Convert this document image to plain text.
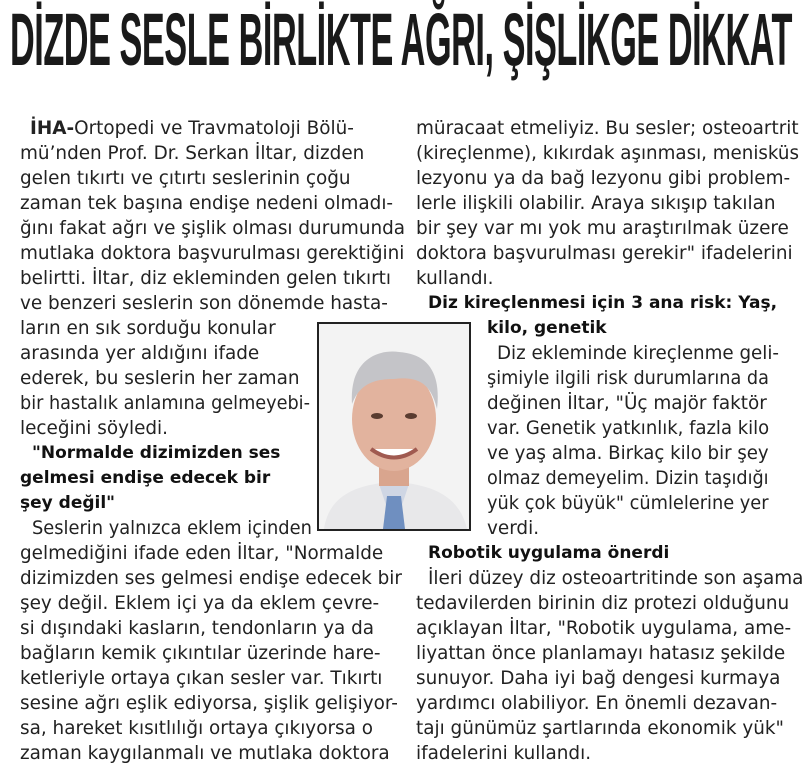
DİZDE SESLE BİRLİKTE AĞRI, ŞİŞLİKGE DİKKAT
İHA-Ortopedi ve Travmatoloji Bölü-
mü’nden Prof. Dr. Serkan İltar, dizden
gelen tıkırtı ve çıtırtı seslerinin çoğu
zaman tek başına endişe nedeni olmadı-
ğını fakat ağrı ve şişlik olması durumunda
mutlaka doktora başvurulması gerektiğini
belirtti. İltar, diz ekleminden gelen tıkırtı
ve benzeri seslerin son dönemde hasta-
ların en sık sorduğu konular
arasında yer aldığını ifade
ederek, bu seslerin her zaman
bir hastalık anlamına gelmeyebi-
leceğini söyledi.
"Normalde dizimizden ses
gelmesi endişe edecek bir
şey değil"
Seslerin yalnızca eklem içinden
gelmediğini ifade eden İltar, "Normalde
dizimizden ses gelmesi endişe edecek bir
şey değil. Eklem içi ya da eklem çevre-
si dışındaki kasların, tendonların ya da
bağların kemik çıkıntılar üzerinde hare-
ketleriyle ortaya çıkan sesler var. Tıkırtı
sesine ağrı eşlik ediyorsa, şişlik gelişiyor-
sa, hareket kısıtlılığı ortaya çıkıyorsa o
zaman kaygılanmalı ve mutlaka doktora
müracaat etmeliyiz. Bu sesler; osteoartrit
(kireçlenme), kıkırdak aşınması, menisküs
lezyonu ya da bağ lezyonu gibi problem-
lerle ilişkili olabilir. Araya sıkışıp takılan
bir şey var mı yok mu araştırılmak üzere
doktora başvurulması gerekir" ifadelerini
kullandı.
Diz kireçlenmesi için 3 ana risk: Yaş,
kilo, genetik
Diz ekleminde kireçlenme geli-
şimiyle ilgili risk durumlarına da
değinen İltar, "Üç majör faktör
var. Genetik yatkınlık, fazla kilo
ve yaş alma. Birkaç kilo bir şey
olmaz demeyelim. Dizin taşıdığı
yük çok büyük" cümlelerine yer
verdi.
Robotik uygulama önerdi
İleri düzey diz osteoartritinde son aşama
tedavilerden birinin diz protezi olduğunu
açıklayan İltar, "Robotik uygulama, ame-
liyattan önce planlamayı hatasız şekilde
sunuyor. Daha iyi bağ dengesi kurmaya
yardımcı olabiliyor. En önemli dezavan-
tajı günümüz şartlarında ekonomik yük"
ifadelerini kullandı.
